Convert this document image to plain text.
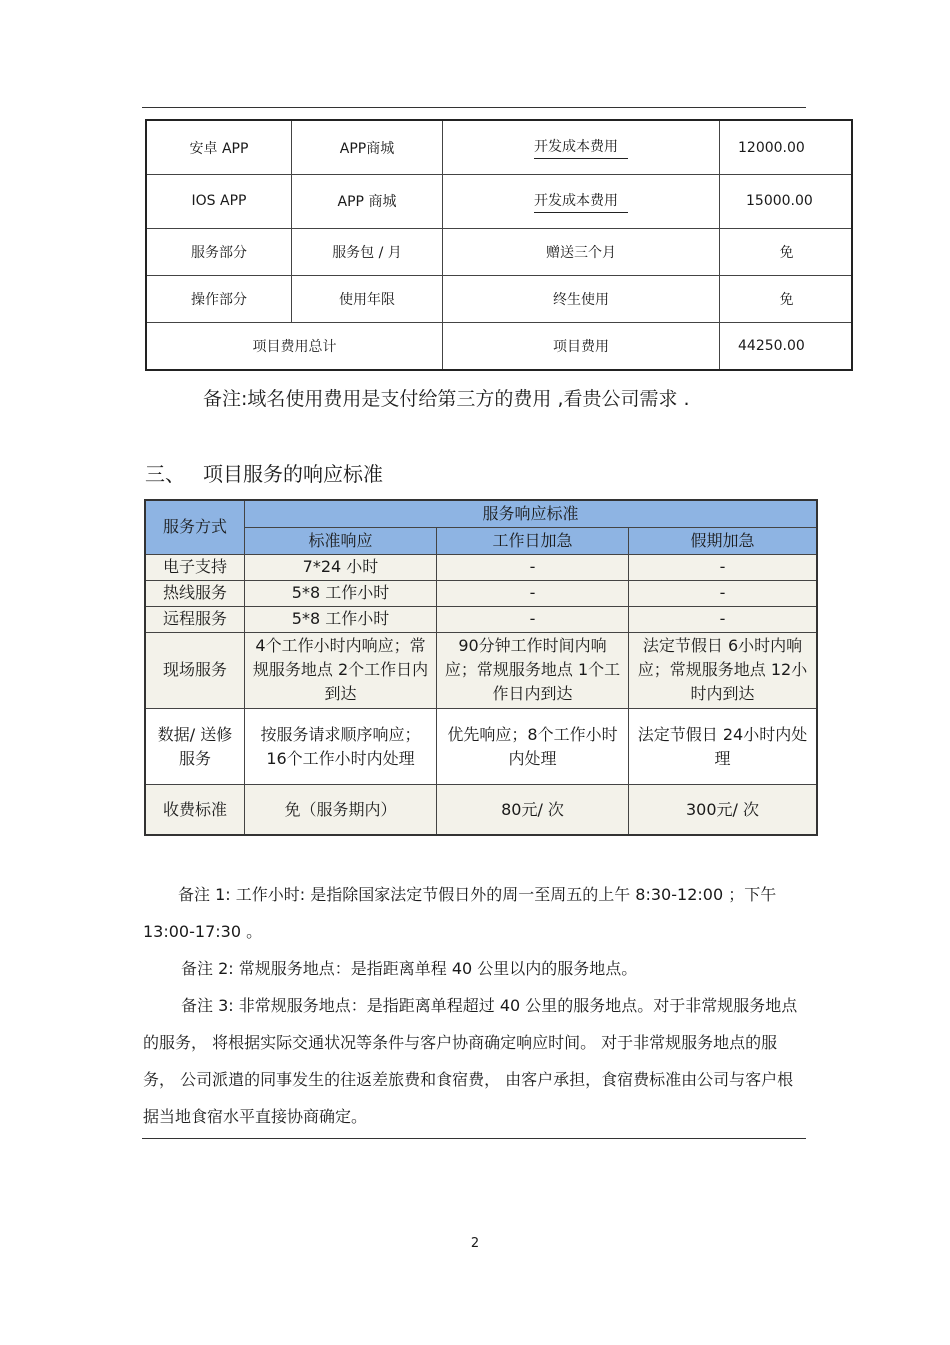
安卓 APP	APP商城	开发成本费用	12000.00
IOS APP	APP 商城	开发成本费用	15000.00
服务部分	服务包 / 月	赠送三个月	免
操作部分	使用年限	终生使用	免
项目费用总计		项目费用	44250.00
备注:域名使用费用是支付给第三方的费用 ,看贵公司需求 .
三、 项目服务的响应标准
服务方式	服务响应标准		
	标准响应	工作日加急	假期加急
电子支持	7*24 小时	-	-
热线服务	5*8 工作小时	-	-
远程服务	5*8 工作小时	-	-
现场服务	4个工作小时内响应；常规服务地点 2个工作日内到达	90分钟工作时间内响应；常规服务地点 1个工作日内到达	法定节假日 6小时内响应；常规服务地点 12小时内到达
数据/ 送修服务	按服务请求顺序响应； 16个工作小时内处理	优先响应；8个工作小时内处理	法定节假日 24小时内处理
收费标准	免（服务期内）	80元/ 次	300元/ 次
备注 1: 工作小时: 是指除国家法定节假日外的周一至周五的上午 8:30-12:00 ；下午 13:00-17:30 。
备注 2: 常规服务地点：是指距离单程 40 公里以内的服务地点。
备注 3: 非常规服务地点：是指距离单程超过 40 公里的服务地点。对于非常规服务地点的服务， 将根据实际交通状况等条件与客户协商确定响应时间。 对于非常规服务地点的服务， 公司派遣的同事发生的往返差旅费和食宿费， 由客户承担，食宿费标准由公司与客户根据当地食宿水平直接协商确定。
2
